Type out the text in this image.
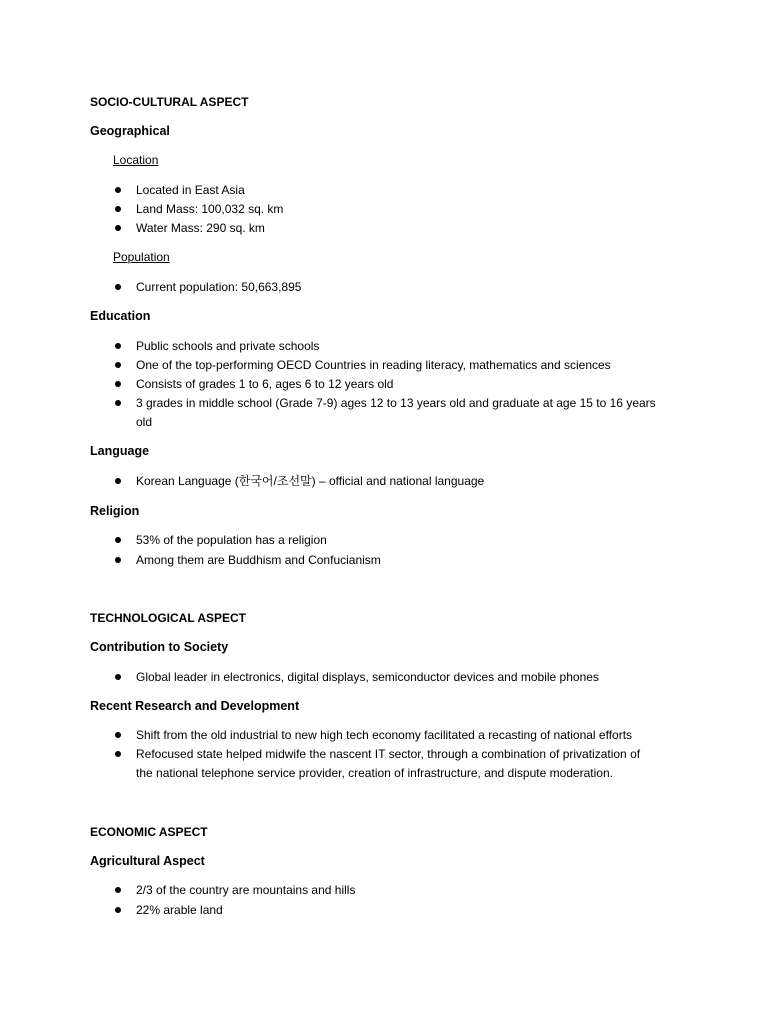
SOCIO-CULTURAL ASPECT
Geographical
Location
Located in East Asia
Land Mass: 100,032 sq. km
Water Mass: 290 sq. km
Population
Current population: 50,663,895
Education
Public schools and private schools
One of the top-performing OECD Countries in reading literacy, mathematics and sciences
Consists of grades 1 to 6, ages 6 to 12 years old
3 grades in middle school (Grade 7-9) ages 12 to 13 years old and graduate at age 15 to 16 years
old
Language
Korean Language (한국어/조선말) – official and national language
Religion
53% of the population has a religion
Among them are Buddhism and Confucianism
TECHNOLOGICAL ASPECT
Contribution to Society
Global leader in electronics, digital displays, semiconductor devices and mobile phones
Recent Research and Development
Shift from the old industrial to new high tech economy facilitated a recasting of national efforts
Refocused state helped midwife the nascent IT sector, through a combination of privatization of
the national telephone service provider, creation of infrastructure, and dispute moderation.
ECONOMIC ASPECT
Agricultural Aspect
2/3 of the country are mountains and hills
22% arable land
